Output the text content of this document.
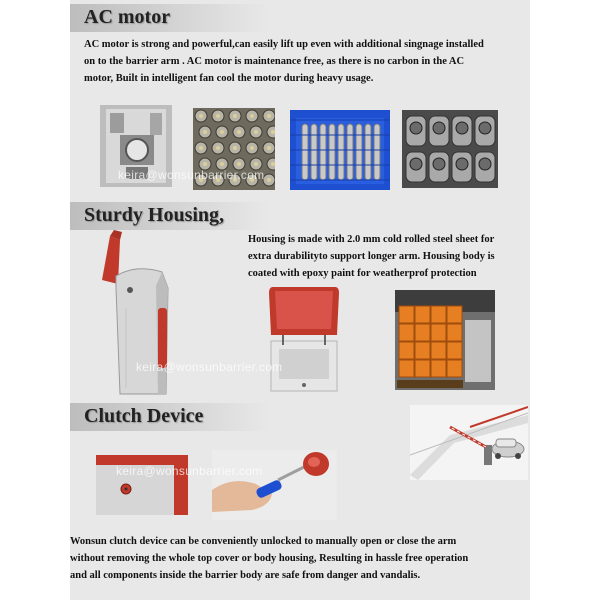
AC motor
AC motor is strong and powerful,can easily lift up even with additional singnage installed
on to the barrier arm . AC motor is maintenance free, as there is no carbon in the AC
motor, Built in intelligent fan cool the motor during heavy usage.
keira@wonsunbarrier.com
Sturdy Housing,
Housing is made with 2.0 mm cold rolled steel sheet for
extra durabilityto support longer arm. Housing body is
coated with epoxy paint for weatherprof protection
keira@wonsunbarrier.com
Clutch Device
keira@wonsunbarrier.com
Wonsun clutch device can be conveniently unlocked to manually open or close the arm
without removing the whole top cover or body housing, Resulting in hassle free operation
and all components inside the barrier body are safe from danger and vandalis.
